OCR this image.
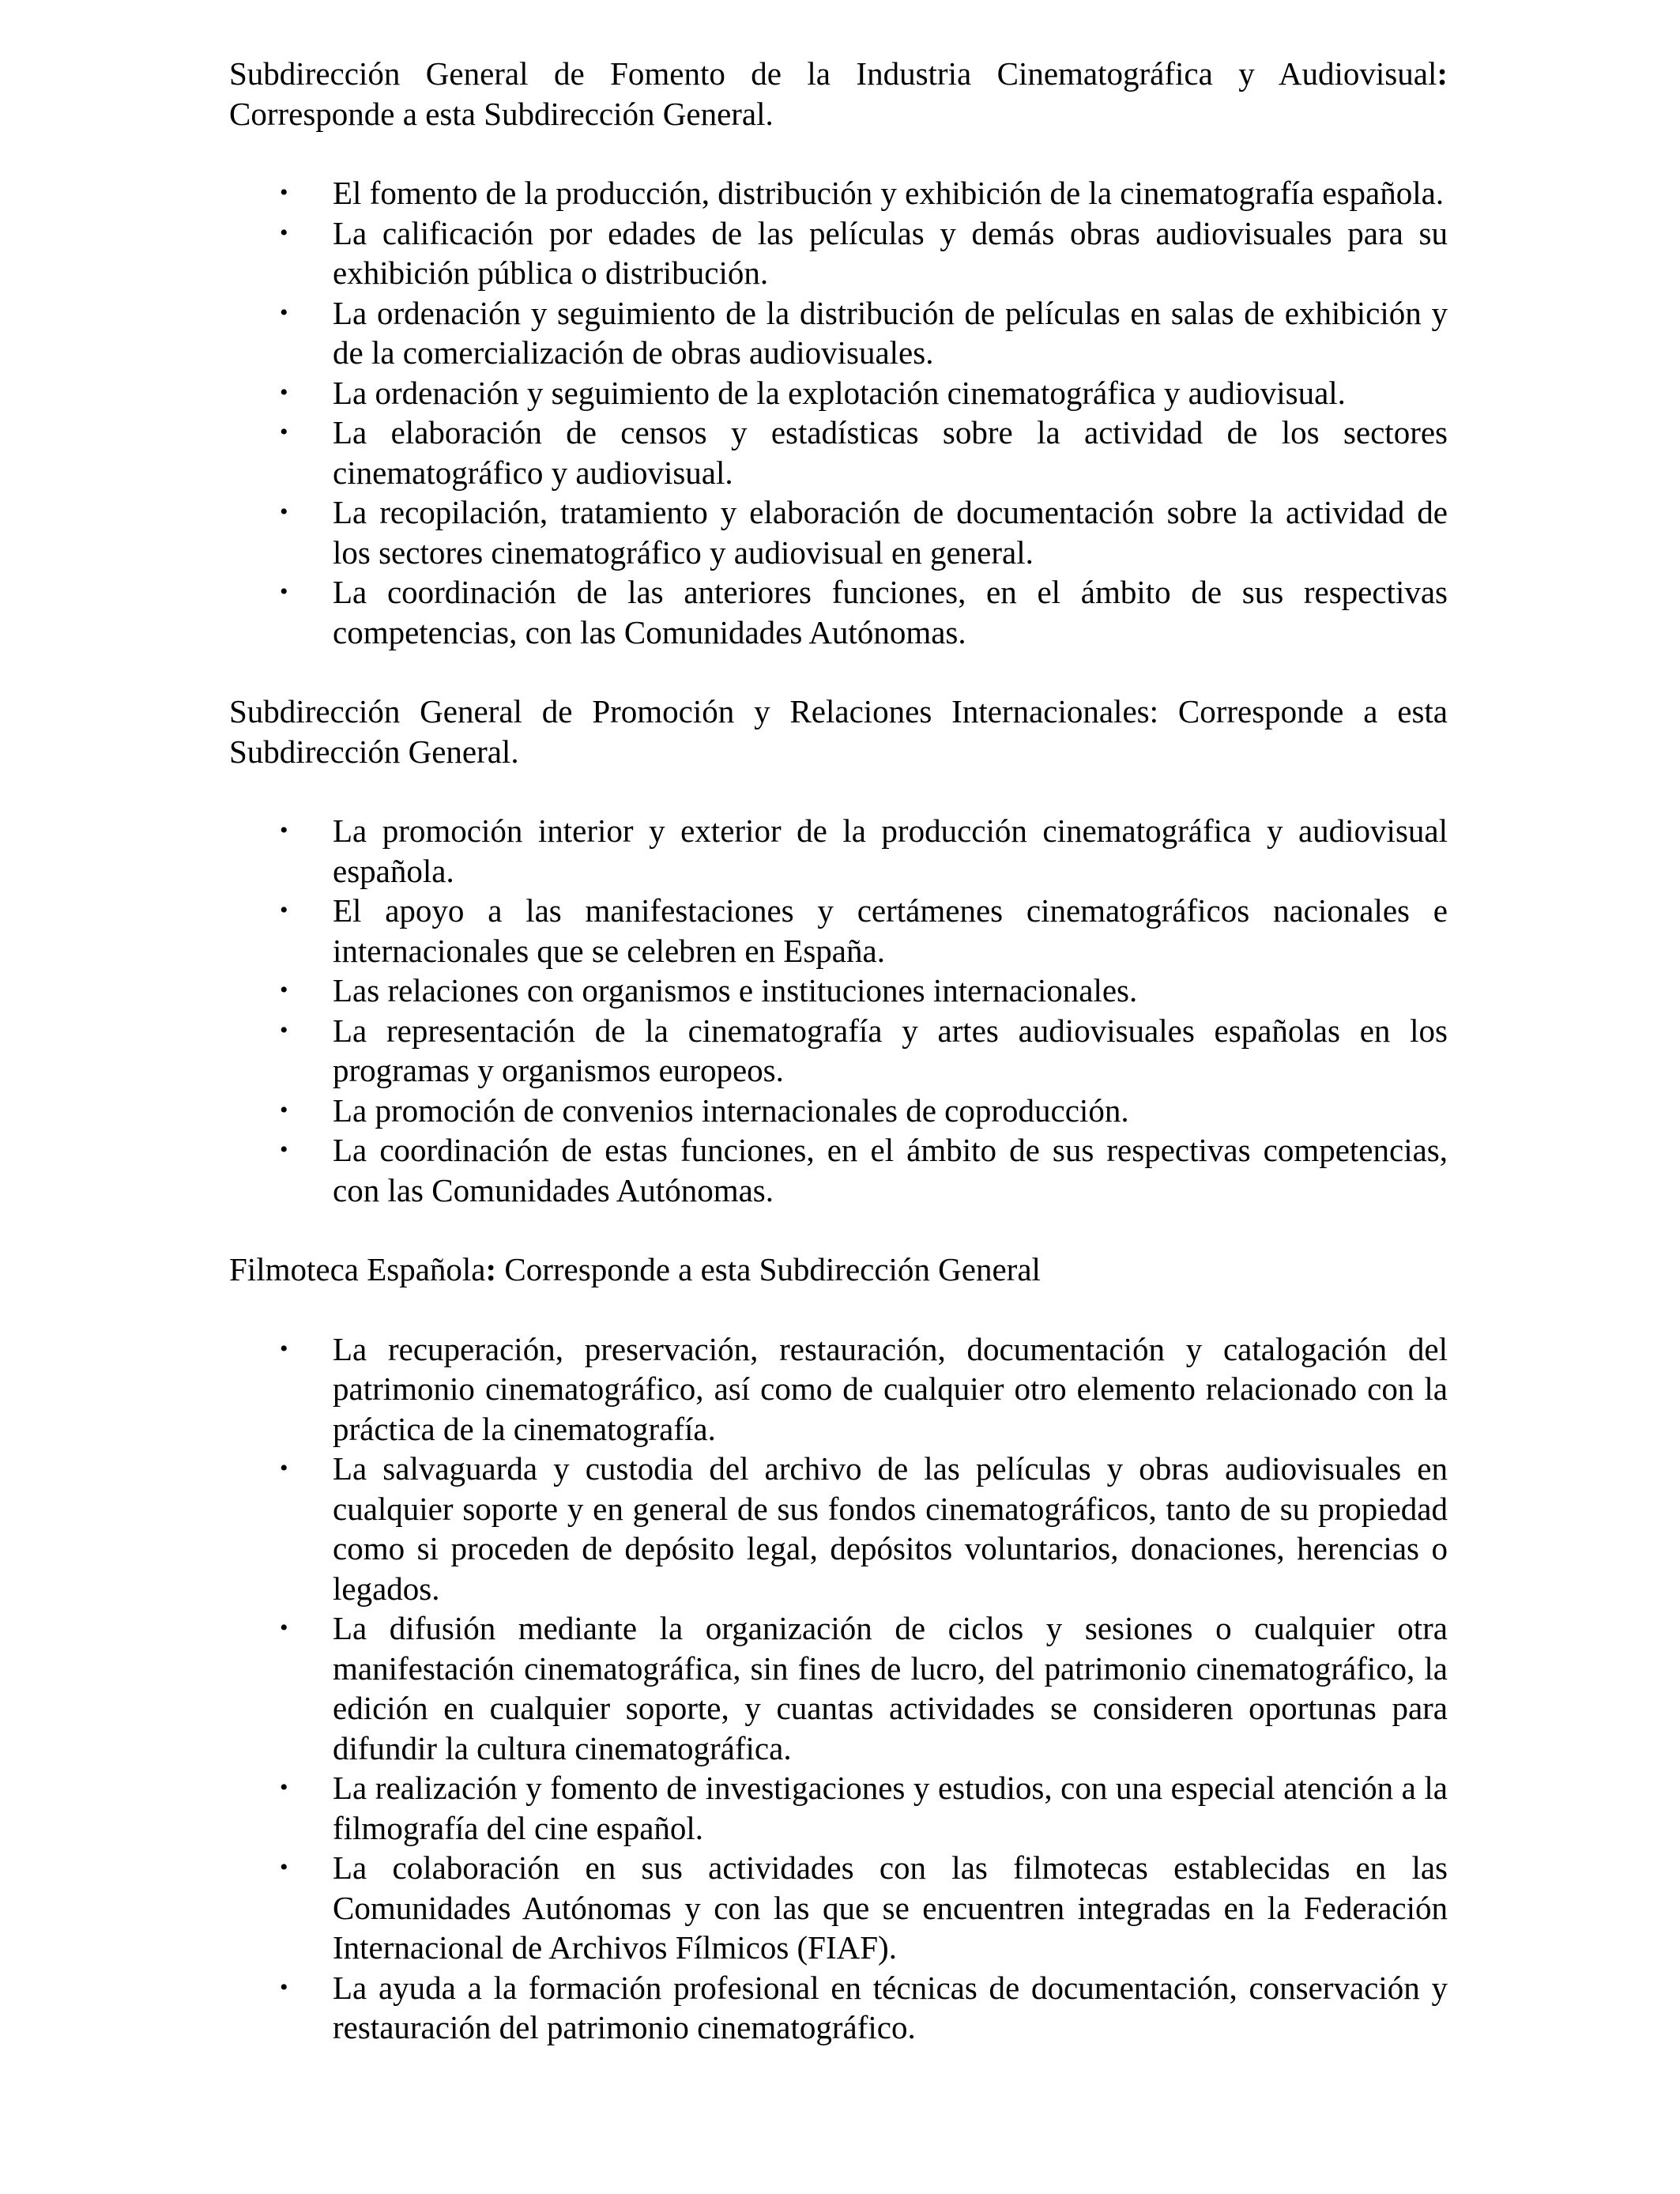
Subdirección General de Fomento de la Industria Cinematográfica y Audiovisual: Corresponde a esta Subdirección General.

• El fomento de la producción, distribución y exhibición de la cinematografía española.
• La calificación por edades de las películas y demás obras audiovisuales para su exhibición pública o distribución.
• La ordenación y seguimiento de la distribución de películas en salas de exhibición y de la comercialización de obras audiovisuales.
• La ordenación y seguimiento de la explotación cinematográfica y audiovisual.
• La elaboración de censos y estadísticas sobre la actividad de los sectores cinematográfico y audiovisual.
• La recopilación, tratamiento y elaboración de documentación sobre la actividad de los sectores cinematográfico y audiovisual en general.
• La coordinación de las anteriores funciones, en el ámbito de sus respectivas competencias, con las Comunidades Autónomas.

Subdirección General de Promoción y Relaciones Internacionales: Corresponde a esta Subdirección General.

• La promoción interior y exterior de la producción cinematográfica y audiovisual española.
• El apoyo a las manifestaciones y certámenes cinematográficos nacionales e internacionales que se celebren en España.
• Las relaciones con organismos e instituciones internacionales.
• La representación de la cinematografía y artes audiovisuales españolas en los programas y organismos europeos.
• La promoción de convenios internacionales de coproducción.
• La coordinación de estas funciones, en el ámbito de sus respectivas competencias, con las Comunidades Autónomas.

Filmoteca Española: Corresponde a esta Subdirección General

• La recuperación, preservación, restauración, documentación y catalogación del patrimonio cinematográfico, así como de cualquier otro elemento relacionado con la práctica de la cinematografía.
• La salvaguarda y custodia del archivo de las películas y obras audiovisuales en cualquier soporte y en general de sus fondos cinematográficos, tanto de su propiedad como si proceden de depósito legal, depósitos voluntarios, donaciones, herencias o legados.
• La difusión mediante la organización de ciclos y sesiones o cualquier otra manifestación cinematográfica, sin fines de lucro, del patrimonio cinematográfico, la edición en cualquier soporte, y cuantas actividades se consideren oportunas para difundir la cultura cinematográfica.
• La realización y fomento de investigaciones y estudios, con una especial atención a la filmografía del cine español.
• La colaboración en sus actividades con las filmotecas establecidas en las Comunidades Autónomas y con las que se encuentren integradas en la Federación Internacional de Archivos Fílmicos (FIAF).
• La ayuda a la formación profesional en técnicas de documentación, conservación y restauración del patrimonio cinematográfico.
